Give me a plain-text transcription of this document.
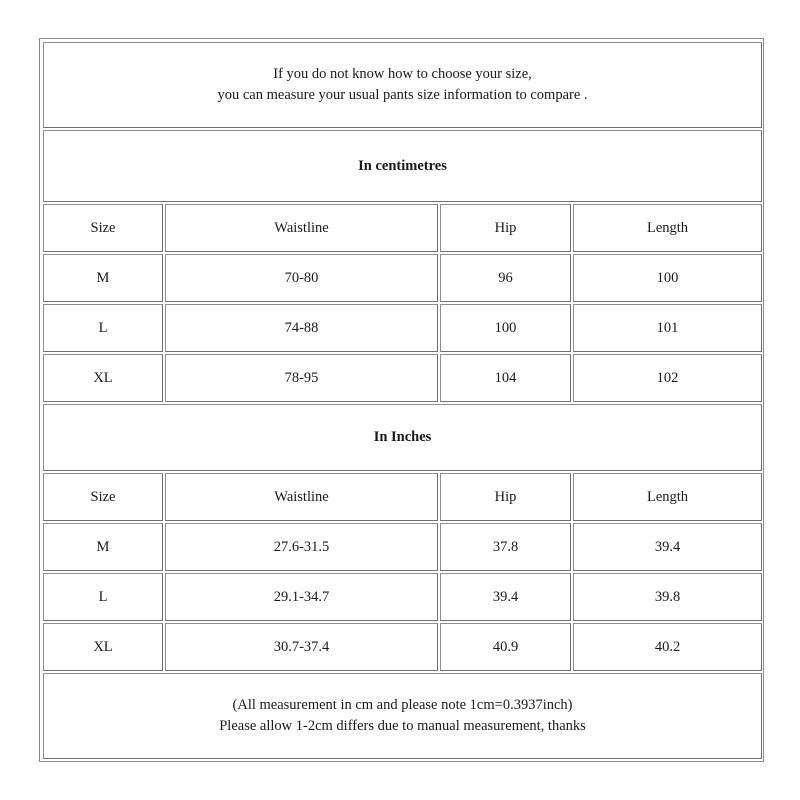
If you do not know how to choose your size,
you can measure your usual pants size information to compare .			

In centimetres			
Size	Waistline	Hip	Length
M	70-80	96	100
L	74-88	100	101
XL	78-95	104	102
In Inches			
Size	Waistline	Hip	Length
M	27.6-31.5	37.8	39.4
L	29.1-34.7	39.4	39.8
XL	30.7-37.4	40.9	40.2

(All measurement in cm and please note 1cm=0.3937inch)
Please allow 1-2cm differs due to manual measurement, thanks			
